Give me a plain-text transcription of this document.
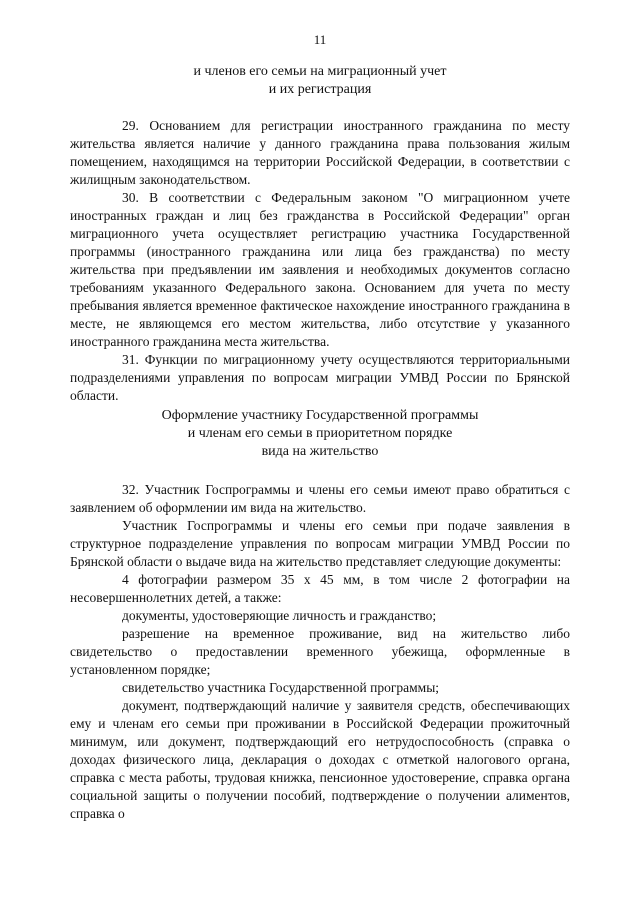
11
и членов его семьи на миграционный учет
и их регистрация

29. Основанием для регистрации иностранного гражданина по месту жительства является наличие у данного гражданина права пользования жилым помещением, находящимся на территории Российской Федерации, в соответствии с жилищным законодательством.

30. В соответствии с Федеральным законом "О миграционном учете иностранных граждан и лиц без гражданства в Российской Федерации" орган миграционного учета осуществляет регистрацию участника Государственной программы (иностранного гражданина или лица без гражданства) по месту жительства при предъявлении им заявления и необходимых документов согласно требованиям указанного Федерального закона. Основанием для учета по месту пребывания является временное фактическое нахождение иностранного гражданина в месте, не являющемся его местом жительства, либо отсутствие у указанного иностранного гражданина места жительства.

31. Функции по миграционному учету осуществляются территориальными подразделениями управления по вопросам миграции УМВД России по Брянской области.

Оформление участнику Государственной программы
и членам его семьи в приоритетном порядке
вида на жительство

32. Участник Госпрограммы и члены его семьи имеют право обратиться с заявлением об оформлении им вида на жительство.

Участник Госпрограммы и члены его семьи при подаче заявления в структурное подразделение управления по вопросам миграции УМВД России по Брянской области о выдаче вида на жительство представляет следующие документы:

4 фотографии размером 35 х 45 мм, в том числе 2 фотографии на несовершеннолетних детей, а также:

документы, удостоверяющие личность и гражданство;

разрешение на временное проживание, вид на жительство либо свидетельство о предоставлении временного убежища, оформленные в установленном порядке;

свидетельство участника Государственной программы;

документ, подтверждающий наличие у заявителя средств, обеспечивающих ему и членам его семьи при проживании в Российской Федерации прожиточный минимум, или документ, подтверждающий его нетрудоспособность (справка о доходах физического лица, декларация о доходах с отметкой налогового органа, справка с места работы, трудовая книжка, пенсионное удостоверение, справка органа социальной защиты о получении пособий, подтверждение о получении алиментов, справка о
